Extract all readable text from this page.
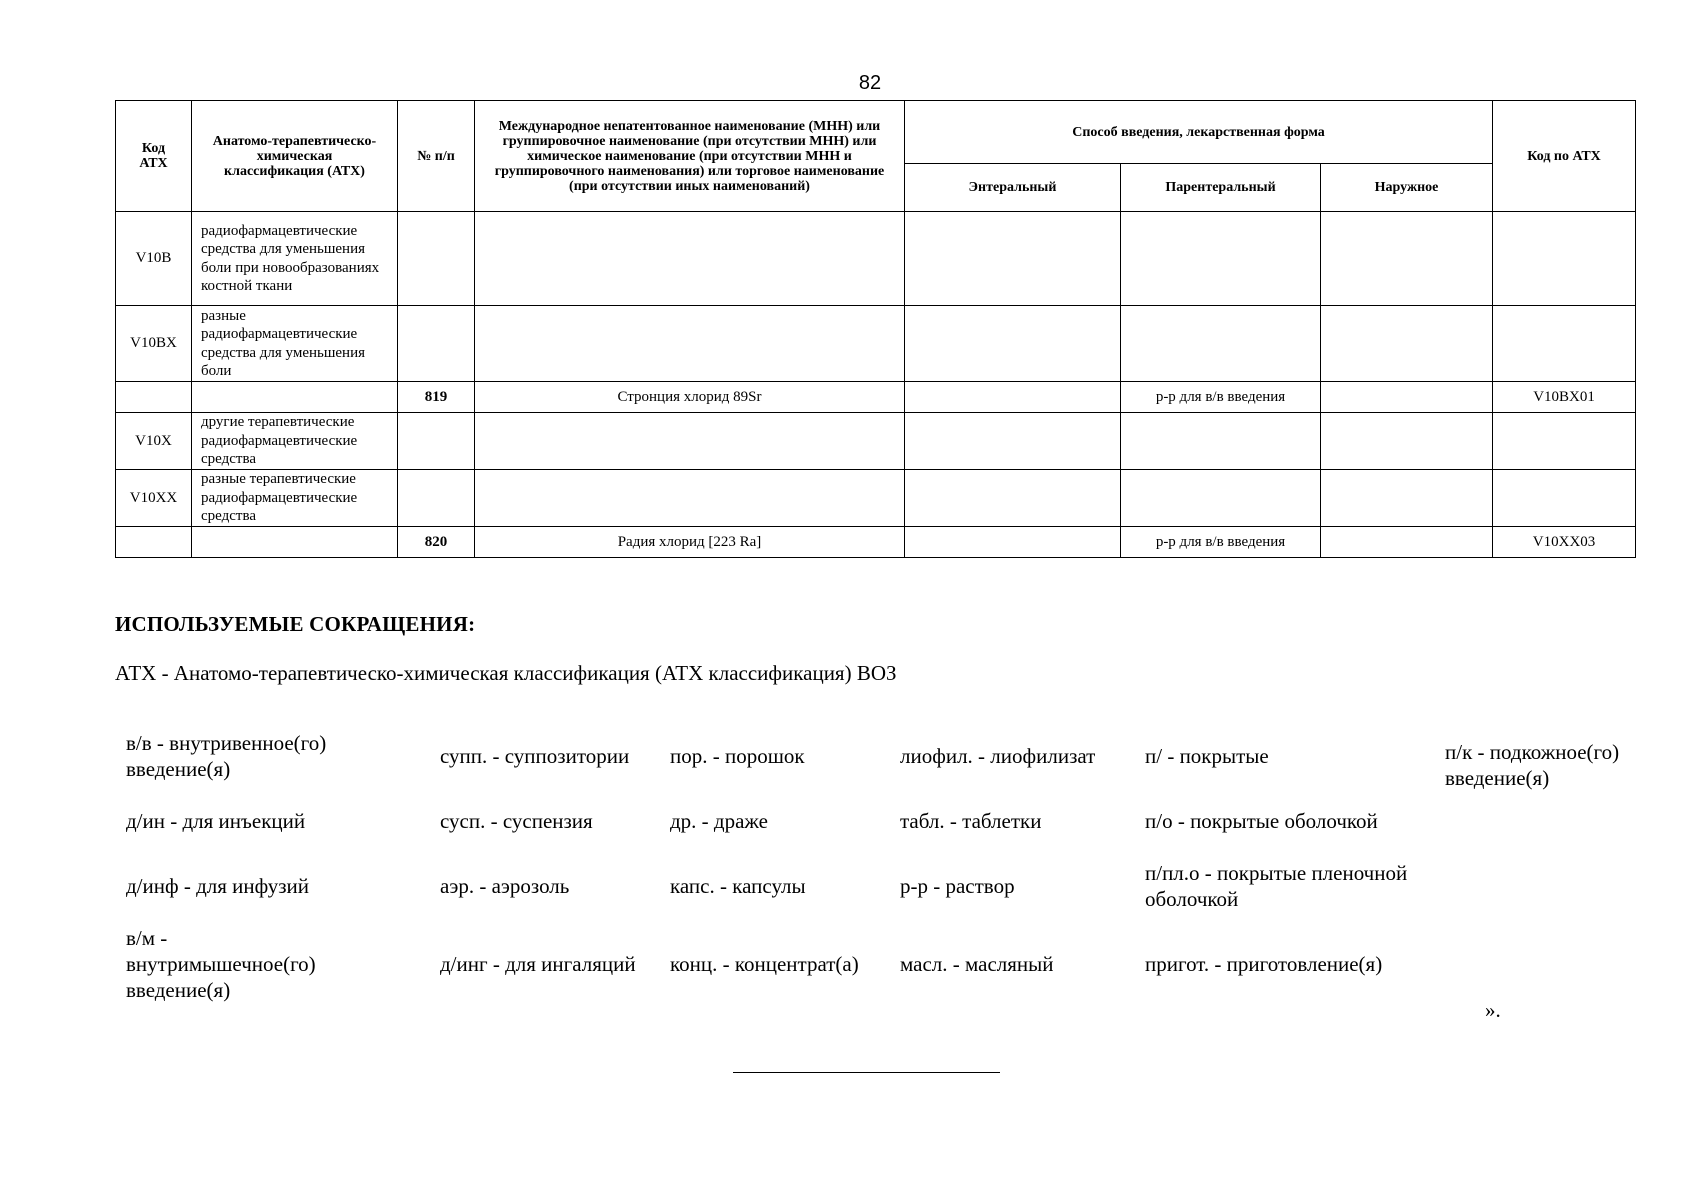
82
Код АТХ	Анатомо-терапевтическо-химическая классификация (АТХ)	№ п/п	Международное непатентованное наименование (МНН) или группировочное наименование (при отсутствии МНН) или химическое наименование (при отсутствии МНН и группировочного наименования) или торговое наименование (при отсутствии иных наименований)	Способ введения, лекарственная форма			Код по АТХ
				Энтеральный	Парентеральный	Наружное	
V10B	радиофармацевтические средства для уменьшения боли при новообразованиях костной ткани						
V10BX	разные радиофармацевтические средства для уменьшения боли						
		819	Стронция хлорид 89Sr		р-р для в/в введения		V10BX01
V10X	другие терапевтические радиофармацевтические средства						
V10XX	разные терапевтические радиофармацевтические средства						
		820	Радия хлорид [223 Ra]		р-р для в/в введения		V10XX03
ИСПОЛЬЗУЕМЫЕ СОКРАЩЕНИЯ:
АТХ - Анатомо-терапевтическо-химическая классификация (АТХ классификация) ВОЗ
в/в - внутривенное(го) введение(я)
супп. - суппозитории	пор. - порошок	лиофил. - лиофилизат	п/ - покрытые	п/к - подкожное(го) введение(я)
д/ин - для инъекций	сусп. - суспензия	др. - драже	табл. - таблетки	п/о - покрытые оболочкой
д/инф - для инфузий	аэр. - аэрозоль	капс. - капсулы	р-р - раствор
п/пл.о - покрытые пленочной оболочкой
в/м - внутримышечное(го) введение(я)
д/инг - для ингаляций	конц. - концентрат(а)	масл. - масляный	пригот. - приготовление(я)
».
